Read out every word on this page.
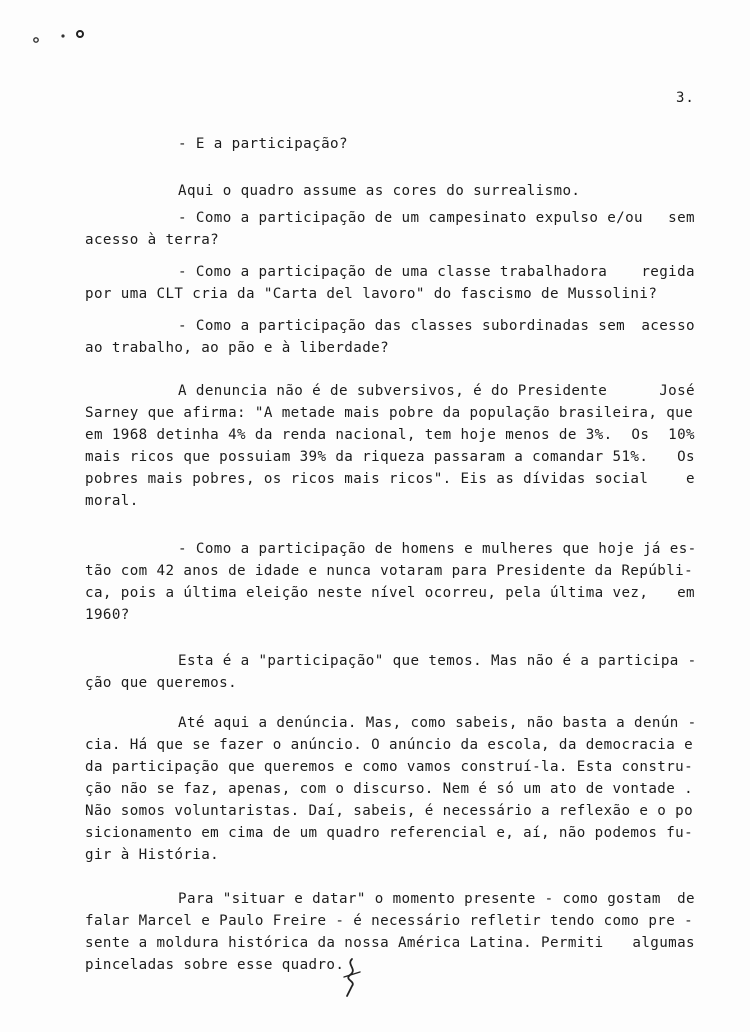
3.
- E a participação?
Aqui o quadro assume as cores do surrealismo.
- Como a participação de um campesinato expulso e/ou sem
acesso à terra?
- Como a participação de uma classe trabalhadora regida
por uma CLT cria da "Carta del lavoro" do fascismo de Mussolini?
- Como a participação das classes subordinadas sem acesso
ao trabalho, ao pão e à liberdade?
A denuncia não é de subversivos, é do Presidente	José
Sarney que afirma: "A metade mais pobre da população brasileira, que
em 1968 detinha 4% da renda nacional, tem hoje menos de 3%. Os 10%
mais ricos que possuiam 39% da riqueza passaram a comandar 51%. Os
pobres mais pobres, os ricos mais ricos". Eis as dívidas social	e
moral.
- Como a participação de homens e mulheres que hoje já es-
tão com 42 anos de idade e nunca votaram para Presidente da Repúbli-
ca, pois a última eleição neste nível ocorreu, pela última vez, em
1960?
Esta é a "participação" que temos. Mas não é a participa -
ção que queremos.
Até aqui a denúncia. Mas, como sabeis, não basta a denún -
cia. Há que se fazer o anúncio. O anúncio da escola, da democracia e
da participação que queremos e como vamos construí-la. Esta constru-
ção não se faz, apenas, com o discurso. Nem é só um ato de vontade .
Não somos voluntaristas. Daí, sabeis, é necessário a reflexão e o po
sicionamento em cima de um quadro referencial e, aí, não podemos fu-
gir à História.
Para "situar e datar" o momento presente - como gostam de
falar Marcel e Paulo Freire - é necessário refletir tendo como pre -
sente a moldura histórica da nossa América Latina. Permiti algumas
pinceladas sobre esse quadro.
